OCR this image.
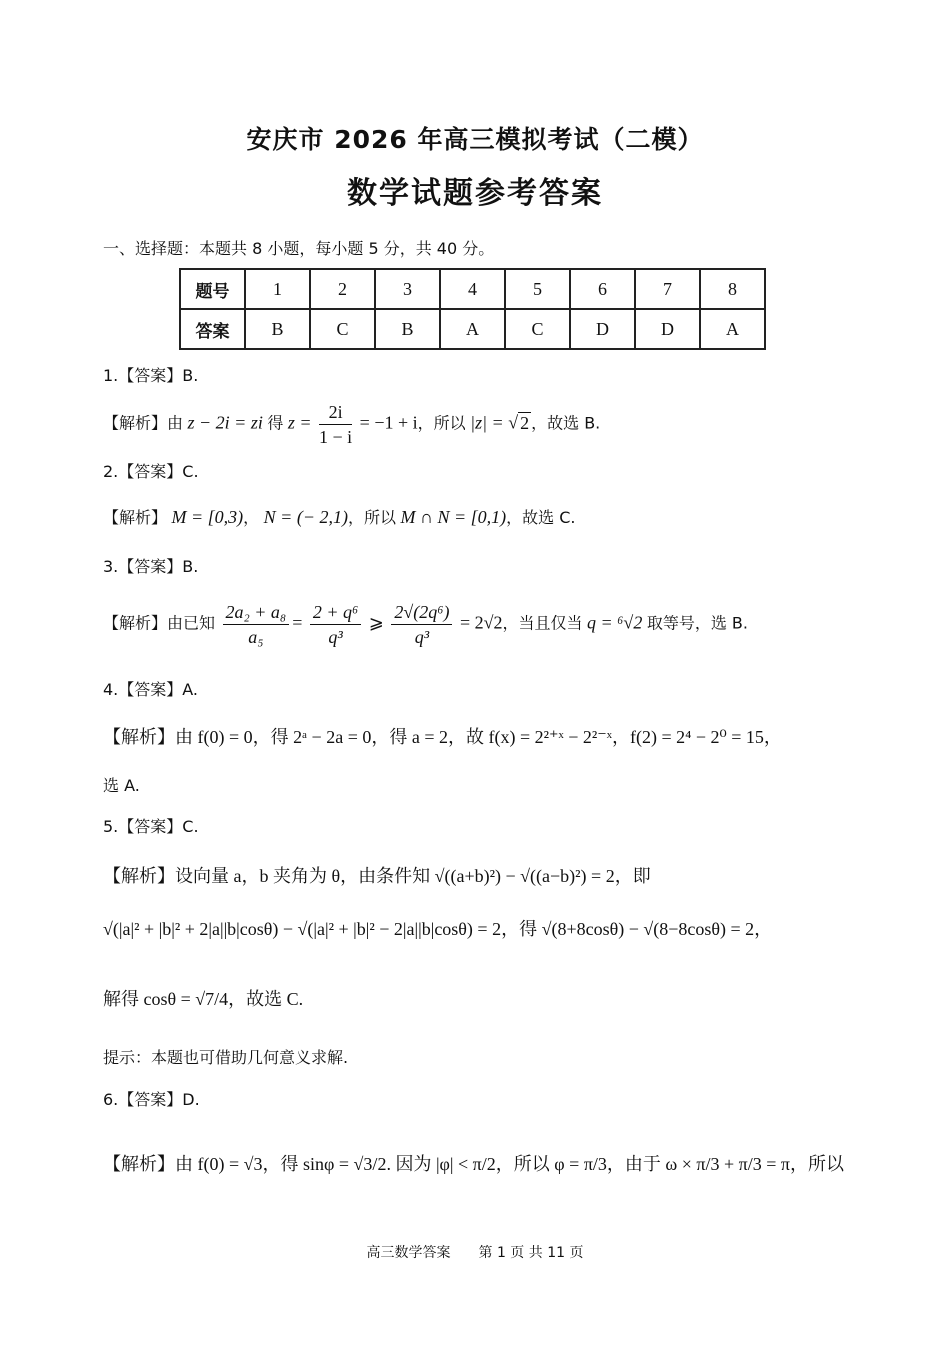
安庆市 2026 年高三模拟考试（二模）
数学试题参考答案
一、选择题：本题共 8 小题，每小题 5 分，共 40 分。
题号	1	2	3	4	5	6	7	8
答案	B	C	B	A	C	D	D	A
1.【答案】B.
【解析】由 z − 2i = zi 得 $z = \frac{2i}{1 - i} = -1 + i$，所以 |z| = √ 2 ，故选 B.
2.【答案】C.
【解析】 M = [0,3)， N = (− 2,1)，所以 M ∩ N = [0,1)，故选 C.
3.【答案】B.
【解析】由已知 $\frac{\text{2a₂ + a₈}}{\text{a₅}} = \frac{\text{2 + q⁶}}{\text{q³}}$ ⩾ $\frac{\text{2√(2q⁶)}}{\text{q³}} = 2√2$，当且仅当 q = ⁶√2 取等号，选 B.
4.【答案】A.
【解析】由 f(0) = 0，得 2ᵃ − 2a = 0，得 a = 2，故 f(x) = 2²⁺ˣ − 2²⁻ˣ，f(2) = 2⁴ − 2⁰ = 15，
选 A.
5.【答案】C.
【解析】设向量 a，b 夹角为 θ，由条件知 √((a+b)²) − √((a−b)²) = 2，即
√(|a|² + |b|² + 2|a||b|cosθ) − √(|a|² + |b|² − 2|a||b|cosθ) = 2，得 √(8+8cosθ) − √(8−8cosθ) = 2，
解得 cosθ = √7/4，故选 C.
提示：本题也可借助几何意义求解.
6.【答案】D.
【解析】由 f(0) = √3，得 sinφ = √3/2. 因为 |φ| < π/2，所以 φ = π/3，由于 ω × π/3 + π/3 = π，所以
高三数学答案　　第 1 页 共 11 页
